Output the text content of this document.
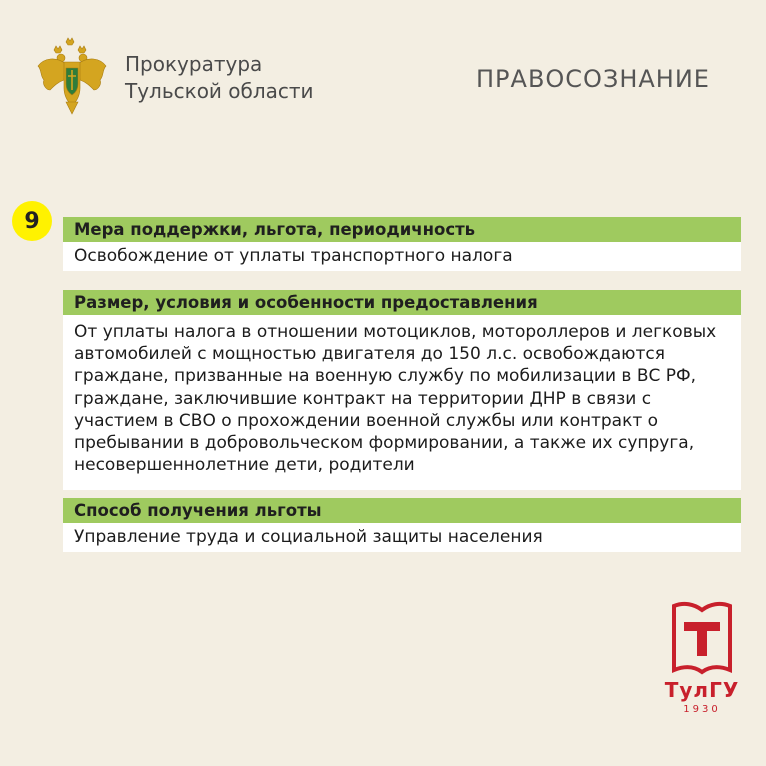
Прокуратура
Тульской области	ПРАВОСОЗНАНИЕ
9	Мера поддержки, льгота, периодичность
Освобождение от уплаты транспортного налога
Размер, условия и особенности предоставления
От уплаты налога в отношении мотоциклов, мотороллеров и легковых
автомобилей с мощностью двигателя до 150 л.с. освобождаются
граждане, призванные на военную службу по мобилизации в ВС РФ,
граждане, заключившие контракт на территории ДНР в связи с
участием в СВО о прохождении военной службы или контракт о
пребывании в добровольческом формировании, а также их супруга,
несовершеннолетние дети, родители
Способ получения льготы
Управление труда и социальной защиты населения
ТулГУ
1930
